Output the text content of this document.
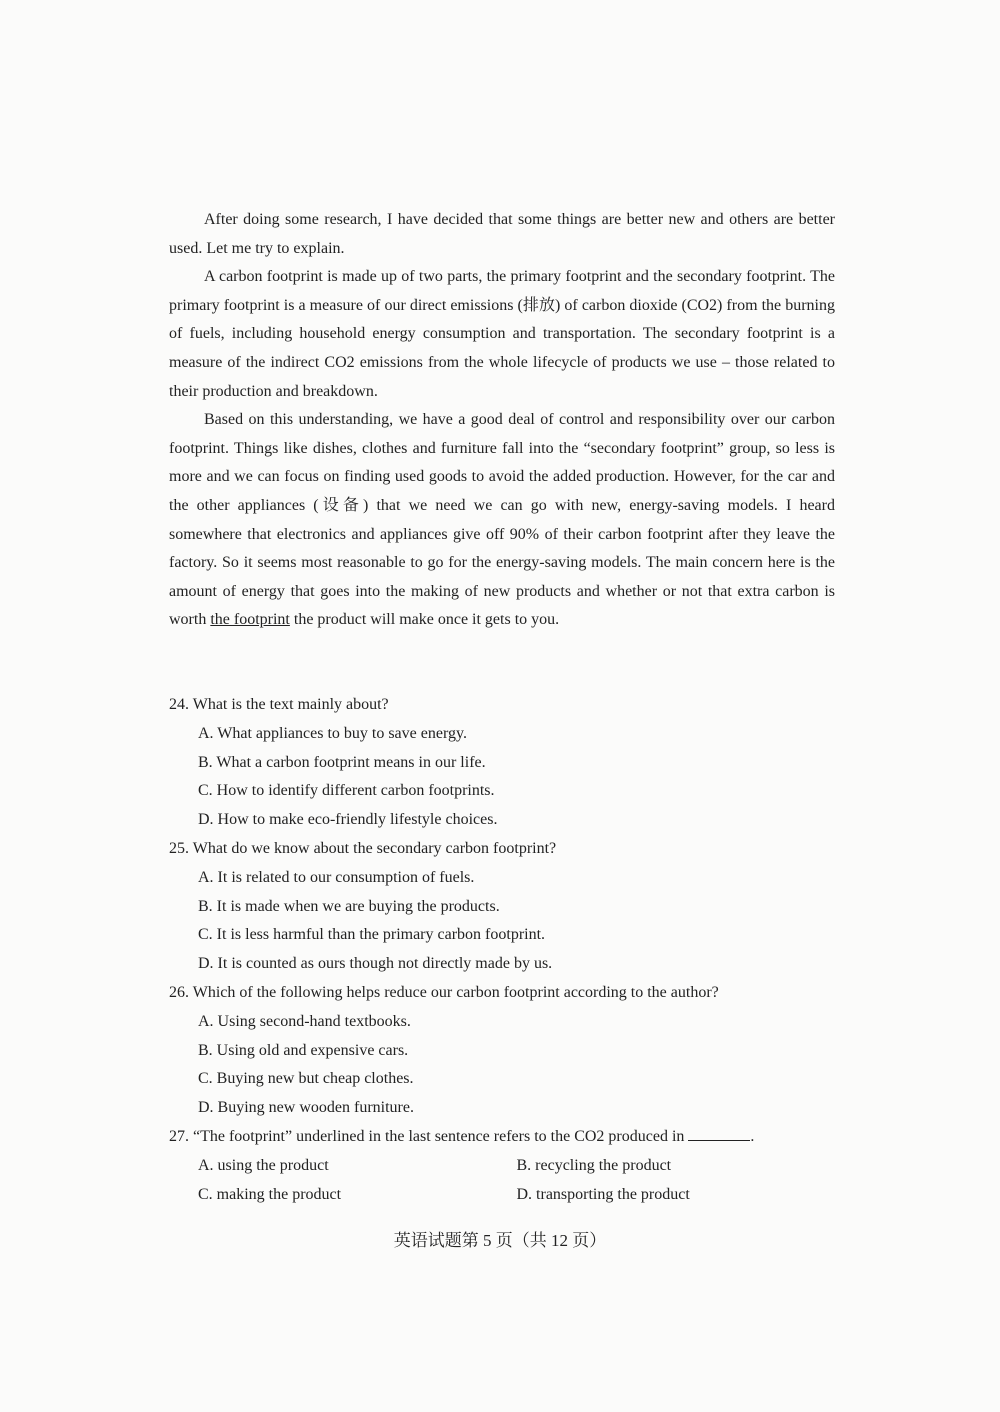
After doing some research, I have decided that some things are better new and others are better used. Let me try to explain.

A carbon footprint is made up of two parts, the primary footprint and the secondary footprint. The primary footprint is a measure of our direct emissions (排放) of carbon dioxide (CO2) from the burning of fuels, including household energy consumption and transportation. The secondary footprint is a measure of the indirect CO2 emissions from the whole lifecycle of products we use – those related to their production and breakdown.

Based on this understanding, we have a good deal of control and responsibility over our carbon footprint. Things like dishes, clothes and furniture fall into the “secondary footprint” group, so less is more and we can focus on finding used goods to avoid the added production. However, for the car and the other appliances (设备) that we need we can go with new, energy-saving models. I heard somewhere that electronics and appliances give off 90% of their carbon footprint after they leave the factory. So it seems most reasonable to go for the energy-saving models. The main concern here is the amount of energy that goes into the making of new products and whether or not that extra carbon is worth the footprint the product will make once it gets to you.

24. What is the text mainly about?

A. What appliances to buy to save energy.

B. What a carbon footprint means in our life.

C. How to identify different carbon footprints.

D. How to make eco-friendly lifestyle choices.

25. What do we know about the secondary carbon footprint?

A. It is related to our consumption of fuels.

B. It is made when we are buying the products.

C. It is less harmful than the primary carbon footprint.

D. It is counted as ours though not directly made by us.

26. Which of the following helps reduce our carbon footprint according to the author?

A. Using second-hand textbooks.

B. Using old and expensive cars.

C. Buying new but cheap clothes.

D. Buying new wooden furniture.

27. “The footprint” underlined in the last sentence refers to the CO2 produced in	.

A. using the product	B. recycling the product
C. making the product	D. transporting the product
英语试题第 5 页（共 12 页）
